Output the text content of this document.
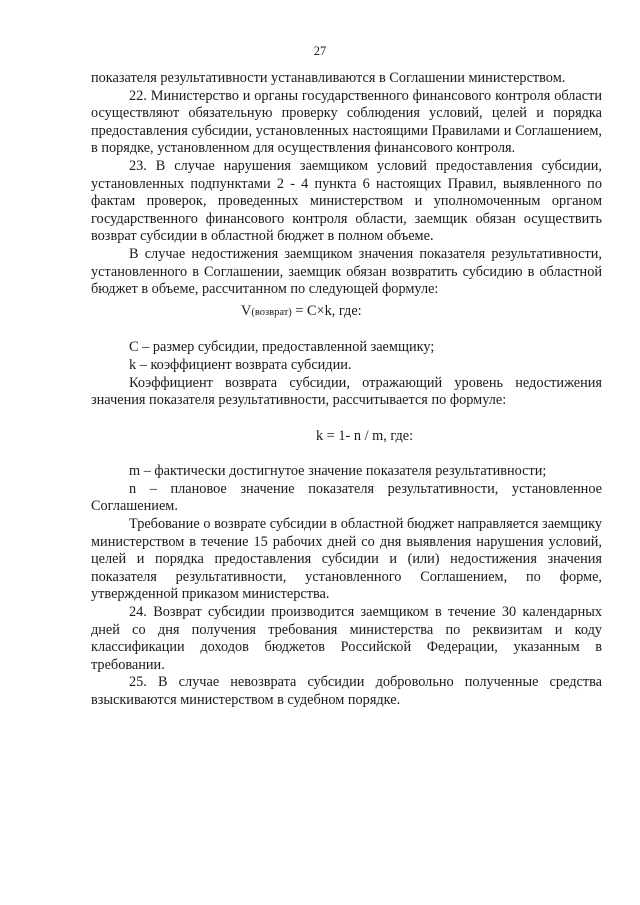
27

показателя результативности устанавливаются в Соглашении министерством.

22. Министерство и органы государственного финансового контроля области осуществляют обязательную проверку соблюдения условий, целей и порядка предоставления субсидии, установленных настоящими Правилами и Соглашением, в порядке, установленном для осуществления финансового контроля.

23. В случае нарушения заемщиком условий предоставления субсидии, установленных подпунктами 2 - 4 пункта 6 настоящих Правил, выявленного по фактам проверок, проведенных министерством и уполномоченным органом государственного финансового контроля области, заемщик обязан осуществить возврат субсидии в областной бюджет в полном объеме.

В случае недостижения заемщиком значения показателя результативности, установленного в Соглашении, заемщик обязан возвратить субсидию в областной бюджет в объеме, рассчитанном по следующей формуле:

V(возврат) = C×k, где:

С – размер субсидии, предоставленной заемщику;

k – коэффициент возврата субсидии.

Коэффициент возврата субсидии, отражающий уровень недостижения значения показателя результативности, рассчитывается по формуле:

k = 1- n / m, где:

m – фактически достигнутое значение показателя результативности;

n – плановое значение показателя результативности, установленное Соглашением.

Требование о возврате субсидии в областной бюджет направляется заемщику министерством в течение 15 рабочих дней со дня выявления нарушения условий, целей и порядка предоставления субсидии и (или) недостижения значения показателя результативности, установленного Соглашением, по форме, утвержденной приказом министерства.

24. Возврат субсидии производится заемщиком в течение 30 календарных дней со дня получения требования министерства по реквизитам и коду классификации доходов бюджетов Российской Федерации, указанным в требовании.

25. В случае невозврата субсидии добровольно полученные средства взыскиваются министерством в судебном порядке.
